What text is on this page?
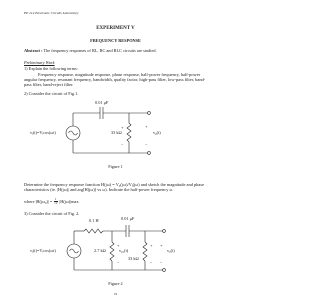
EE 214 Electronic Circuits Laboratory
EXPERIMENT V
FREQUENCY RESPONSE
Abstract : The frequency responses of RL, RC and RLC circuits are studied.
Preliminary Work
1) Explain the following terms:
Frequency response, magnitude response, phase response, half-power frequency, half-power angular frequency, resonant frequency, bandwidth, quality factor, high-pass filter, low-pass filter, band-pass filter, band-reject filter.
2) Consider the circuit of Fig.1.
+
−
+
−
0.01 μF
vᵢ(t)=Vᵢcos(ωt)	33 kΩ	v₀(t)
Figure 1
Determine the frequency response function H(jω) = V₀(jω)/Vᵢ(jω) and sketch the magnitude and phase characteristics (ie. |H(jω)| and arg[H(jω)] vs ω). Indicate the half-power frequency ω
where $|H(j\omega_0)| = \frac{1}{√2} |H(j\omega)|\max$.
3) Consider the circuit of Fig. 2.
+
−
+
−
+
−
0.1 H	0.01 μF
vᵢ(t)=Vᵢcos(ωt)	2.7 kΩ	v₀₁(t)
33 kΩ
v₀(t)
Figure 2
19
